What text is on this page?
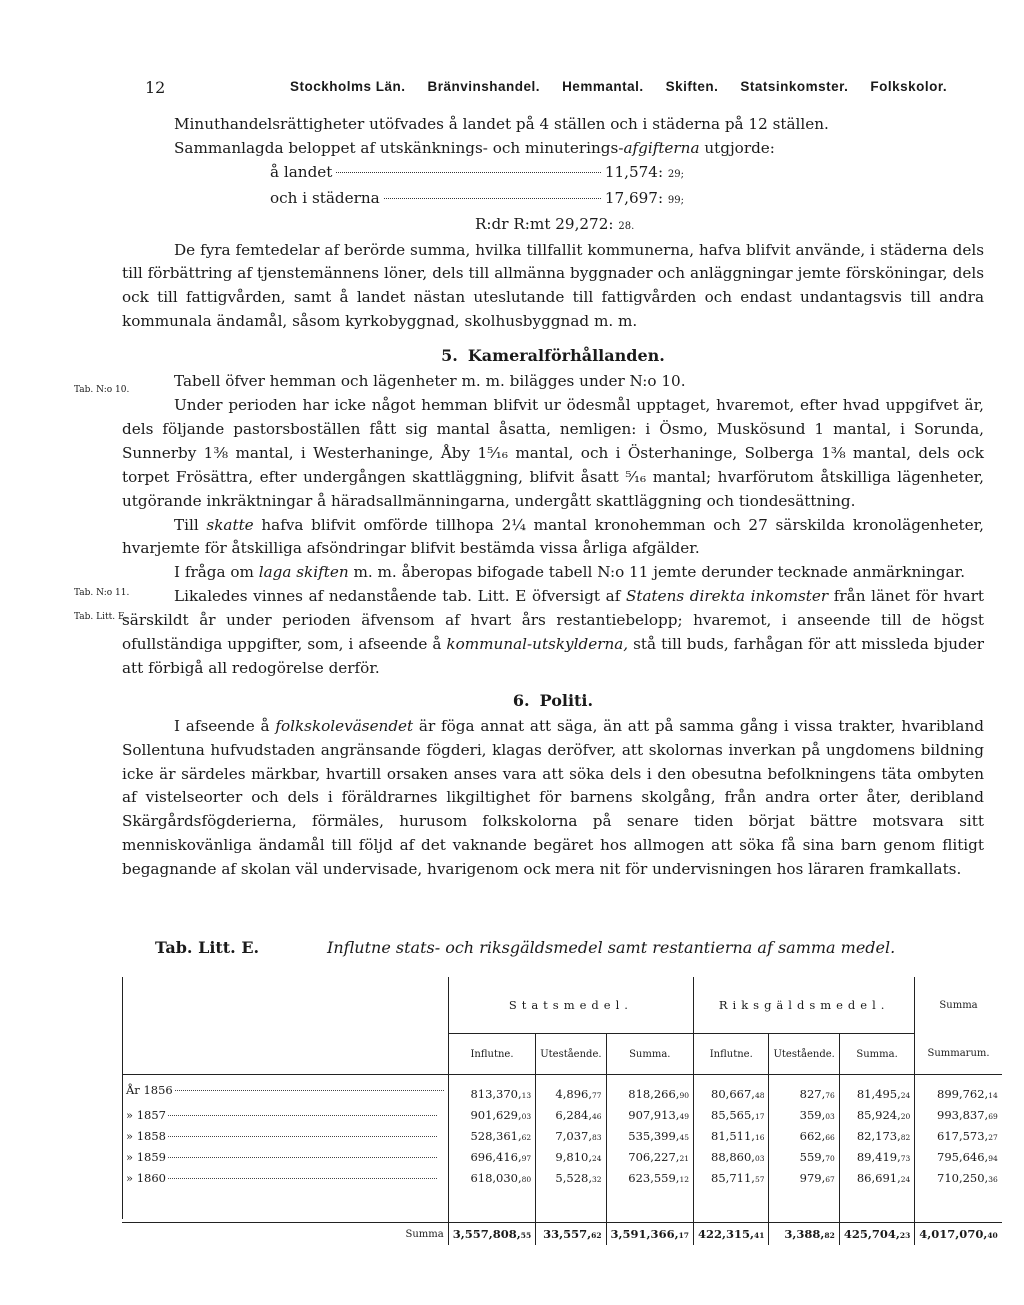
12	Stockholms Län. Bränvinshandel. Hemmantal. Skiften. Statsinkomster. Folkskolor.
Tab. N:o 10.
Tab. N:o 11.
Tab. Litt. E.

Minuthandelsrättigheter utöfvades å landet på 4 ställen och i städerna på 12 ställen.

Sammanlagda beloppet af utskänknings- och minuterings-afgifterna utgjorde:

å landet	11,574: 29;
och i städerna	17,697: 99;
R:dr R:mt 29,272: 28.

De fyra femtedelar af berörde summa, hvilka tillfallit kommunerna, hafva blifvit använde, i städerna dels till förbättring af tjenstemännens löner, dels till allmänna byggnader och anläggningar jemte försköningar, dels ock till fattigvården, samt å landet nästan uteslutande till fattigvården och endast undantagsvis till andra kommunala ändamål, såsom kyrkobyggnad, skolhusbyggnad m. m.

5. Kameralförhållanden.

Tabell öfver hemman och lägenheter m. m. bilägges under N:o 10.

Under perioden har icke något hemman blifvit ur ödesmål upptaget, hvaremot, efter hvad uppgifvet är, dels följande pastorsboställen fått sig mantal åsatta, nemligen: i Ösmo, Muskösund 1 mantal, i Sorunda, Sunnerby 1⅜ mantal, i Westerhaninge, Åby 1⁵⁄₁₆ mantal, och i Österhaninge, Solberga 1⅜ mantal, dels ock torpet Frösättra, efter undergången skattläggning, blifvit åsatt ⁵⁄₁₆ mantal; hvarförutom åtskilliga lägenheter, utgörande inkräktningar å häradsallmänningarna, undergått skattläggning och tiondesättning.

Till skatte hafva blifvit omförde tillhopa 2¼ mantal kronohemman och 27 särskilda kronolägenheter, hvarjemte för åtskilliga afsöndringar blifvit bestämda vissa årliga afgälder.

I fråga om laga skiften m. m. åberopas bifogade tabell N:o 11 jemte derunder tecknade anmärkningar.

Likaledes vinnes af nedanstående tab. Litt. E öfversigt af Statens direkta inkomster från länet för hvart särskildt år under perioden äfvensom af hvart års restantiebelopp; hvaremot, i anseende till de högst ofullständiga uppgifter, som, i afseende å kommunal-utskylderna, stå till buds, farhågan för att missleda bjuder att förbigå all redogörelse derför.

6. Politi.

I afseende å folkskoleväsendet är föga annat att säga, än att på samma gång i vissa trakter, hvaribland Sollentuna hufvudstaden angränsande fögderi, klagas deröfver, att skolornas inverkan på ungdomens bildning icke är särdeles märkbar, hvartill orsaken anses vara att söka dels i den obesutna befolkningens täta ombyten af vistelseorter och dels i föräldrarnes likgiltighet för barnens skolgång, från andra orter åter, deribland Skärgårdsfögderierna, förmäles, hurusom folkskolorna på senare tiden börjat bättre motsvara sitt menniskovänliga ändamål till följd af det vaknande begäret hos allmogen att söka få sina barn genom flitigt begagnande af skolan väl undervisade, hvarigenom ock mera nit för undervisningen hos läraren framkallats.

Tab. Litt. E.	Influtne stats- och riksgäldsmedel samt restantierna af samma medel.
	Statsmedel.			Riksgäldsmedel.			Summa
	Influtne.	Utestående.	Summa.	Influtne.	Utestående.	Summa.	Summarum.
År 1856	813,370,13	4,896,77	818,266,90	80,667,48	827,76	81,495,24	899,762,14
» 1857	901,629,03	6,284,46	907,913,49	85,565,17	359,03	85,924,20	993,837,69
» 1858	528,361,62	7,037,83	535,399,45	81,511,16	662,66	82,173,82	617,573,27
» 1859	696,416,97	9,810,24	706,227,21	88,860,03	559,70	89,419,73	795,646,94
» 1860	618,030,80	5,528,32	623,559,12	85,711,57	979,67	86,691,24	710,250,36

Summa	3,557,808,55	33,557,62	3,591,366,17	422,315,41	3,388,82	425,704,23	4,017,070,40
